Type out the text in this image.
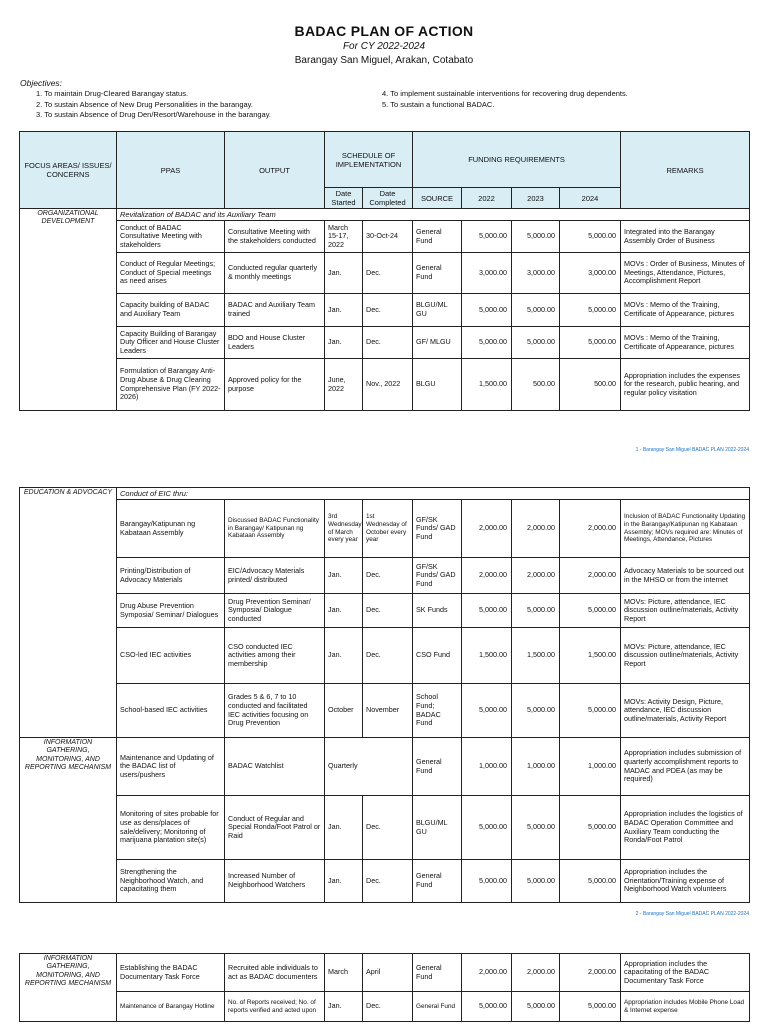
BADAC PLAN OF ACTION
For CY 2022-2024
Barangay San Miguel, Arakan, Cotabato
Objectives:
1. To maintain Drug-Cleared Barangay status.
2. To sustain Absence of New Drug Personalities in the barangay.
3. To sustain Absence of Drug Den/Resort/Warehouse in the barangay.
4. To implement sustainable interventions for recovering drug dependents.
5. To sustain a functional BADAC.
FOCUS AREAS/ ISSUES/ CONCERNS	PPAS	OUTPUT	SCHEDULE OF IMPLEMENTATION		FUNDING REQUIREMENTS				REMARKS
			Date Started	Date Completed	SOURCE	2022	2023	2024	
ORGANIZATIONAL DEVELOPMENT	Revitalization of BADAC and its Auxiliary Team								
	Conduct of BADAC Consultative Meeting with stakeholders	Consultative Meeting with the stakeholders conducted	March 15-17, 2022	30-Oct-24	General Fund	5,000.00	5,000.00	5,000.00	Integrated into the Barangay Assembly Order of Business
	Conduct of Regular Meetings; Conduct of Special meetings as need arises	Conducted regular quarterly & monthly meetings	Jan.	Dec.	General Fund	3,000.00	3,000.00	3,000.00	MOVs : Order of Business, Minutes of Meetings, Attendance, Pictures, Accomplishment Report
	Capacity building of BADAC and Auxiliary Team	BADAC and Auxiliary Team trained	Jan.	Dec.	BLGU/ML GU	5,000.00	5,000.00	5,000.00	MOVs : Memo of the Training, Certificate of Appearance, pictures
	Capacity Building of Barangay Duty Officer and House Cluster Leaders	BDO and House Cluster Leaders	Jan.	Dec.	GF/ MLGU	5,000.00	5,000.00	5,000.00	MOVs : Memo of the Training, Certificate of Appearance, pictures
	Formulation of Barangay Anti-Drug Abuse & Drug Clearing Comprehensive Plan (FY 2022-2026)	Approved policy for the purpose	June, 2022	Nov., 2022	BLGU	1,500.00	500.00	500.00	Appropriation includes the expenses for the research, public hearing, and regular policy visitation
1 - Barangay San Miguel BADAC PLAN 2022-2024
EDUCATION & ADVOCACY	Conduct of EIC thru:								
	Barangay/Katipunan ng Kabataan Assembly	Discussed BADAC Functionality in Barangay/ Katipunan ng Kabataan Assembly	3rd Wednesday of March every year	1st Wednesday of October every year	GF/SK Funds/ GAD Fund	2,000.00	2,000.00	2,000.00	Inclusion of BADAC Functionality Updating in the Barangay/Katipunan ng Kabataan Assembly; MOVs required are: Minutes of Meetings, Attendance, Pictures
	Printing/Distribution of Advocacy Materials	EIC/Advocacy Materials printed/ distributed	Jan.	Dec.	GF/SK Funds/ GAD Fund	2,000.00	2,000.00	2,000.00	Advocacy Materials to be sourced out in the MHSO or from the internet
	Drug Abuse Prevention Symposia/ Seminar/ Dialogues	Drug Prevention Seminar/ Symposia/ Dialogue conducted	Jan.	Dec.	SK Funds	5,000.00	5,000.00	5,000.00	MOVs: Picture, attendance, IEC discussion outline/materials, Activity Report
	CSO-led IEC activities	CSO conducted IEC activities among their membership	Jan.	Dec.	CSO Fund	1,500.00	1,500.00	1,500.00	MOVs: Picture, attendance, IEC discussion outline/materials, Activity Report
	School-based IEC activities	Grades 5 & 6, 7 to 10 conducted and facilitated IEC activities focusing on Drug Prevention	October	November	School Fund; BADAC Fund	5,000.00	5,000.00	5,000.00	MOVs: Activity Design, Picture, attendance, IEC discussion outline/materials, Activity Report
INFORMATION GATHERING, MONITORING, AND REPORTING MECHANISM	Maintenance and Updating of the BADAC list of users/pushers	BADAC Watchlist	Quarterly		General Fund	1,000.00	1,000.00	1,000.00	Appropriation includes submission of quarterly accomplishment reports to MADAC and PDEA (as may be required)
	Monitoring of sites probable for use as dens/places of sale/delivery; Monitoring of marijuana plantation site(s)	Conduct of Regular and Special Ronda/Foot Patrol or Raid	Jan.	Dec.	BLGU/ML GU	5,000.00	5,000.00	5,000.00	Appropriation includes the logistics of BADAC Operation Committee and Auxiliary Team conducting the Ronda/Foot Patrol
	Strengthening the Neighborhood Watch, and capacitating them	Increased Number of Neighborhood Watchers	Jan.	Dec.	General Fund	5,000.00	5,000.00	5,000.00	Appropriation includes the Orientation/Training expense of Neighborhood Watch volunteers
2 - Barangay San Miguel BADAC PLAN 2022-2024
INFORMATION GATHERING, MONITORING, AND REPORTING MECHANISM	Establishing the BADAC Documentary Task Force	Recruited able individuals to act as BADAC documenters	March	April	General Fund	2,000.00	2,000.00	2,000.00	Appropriation includes the capacitating of the BADAC Documentary Task Force
	Maintenance of Barangay Hotline	No. of Reports received; No. of reports verified and acted upon	Jan.	Dec.	General Fund	5,000.00	5,000.00	5,000.00	Appropriation includes Mobile Phone Load & Internet expense
